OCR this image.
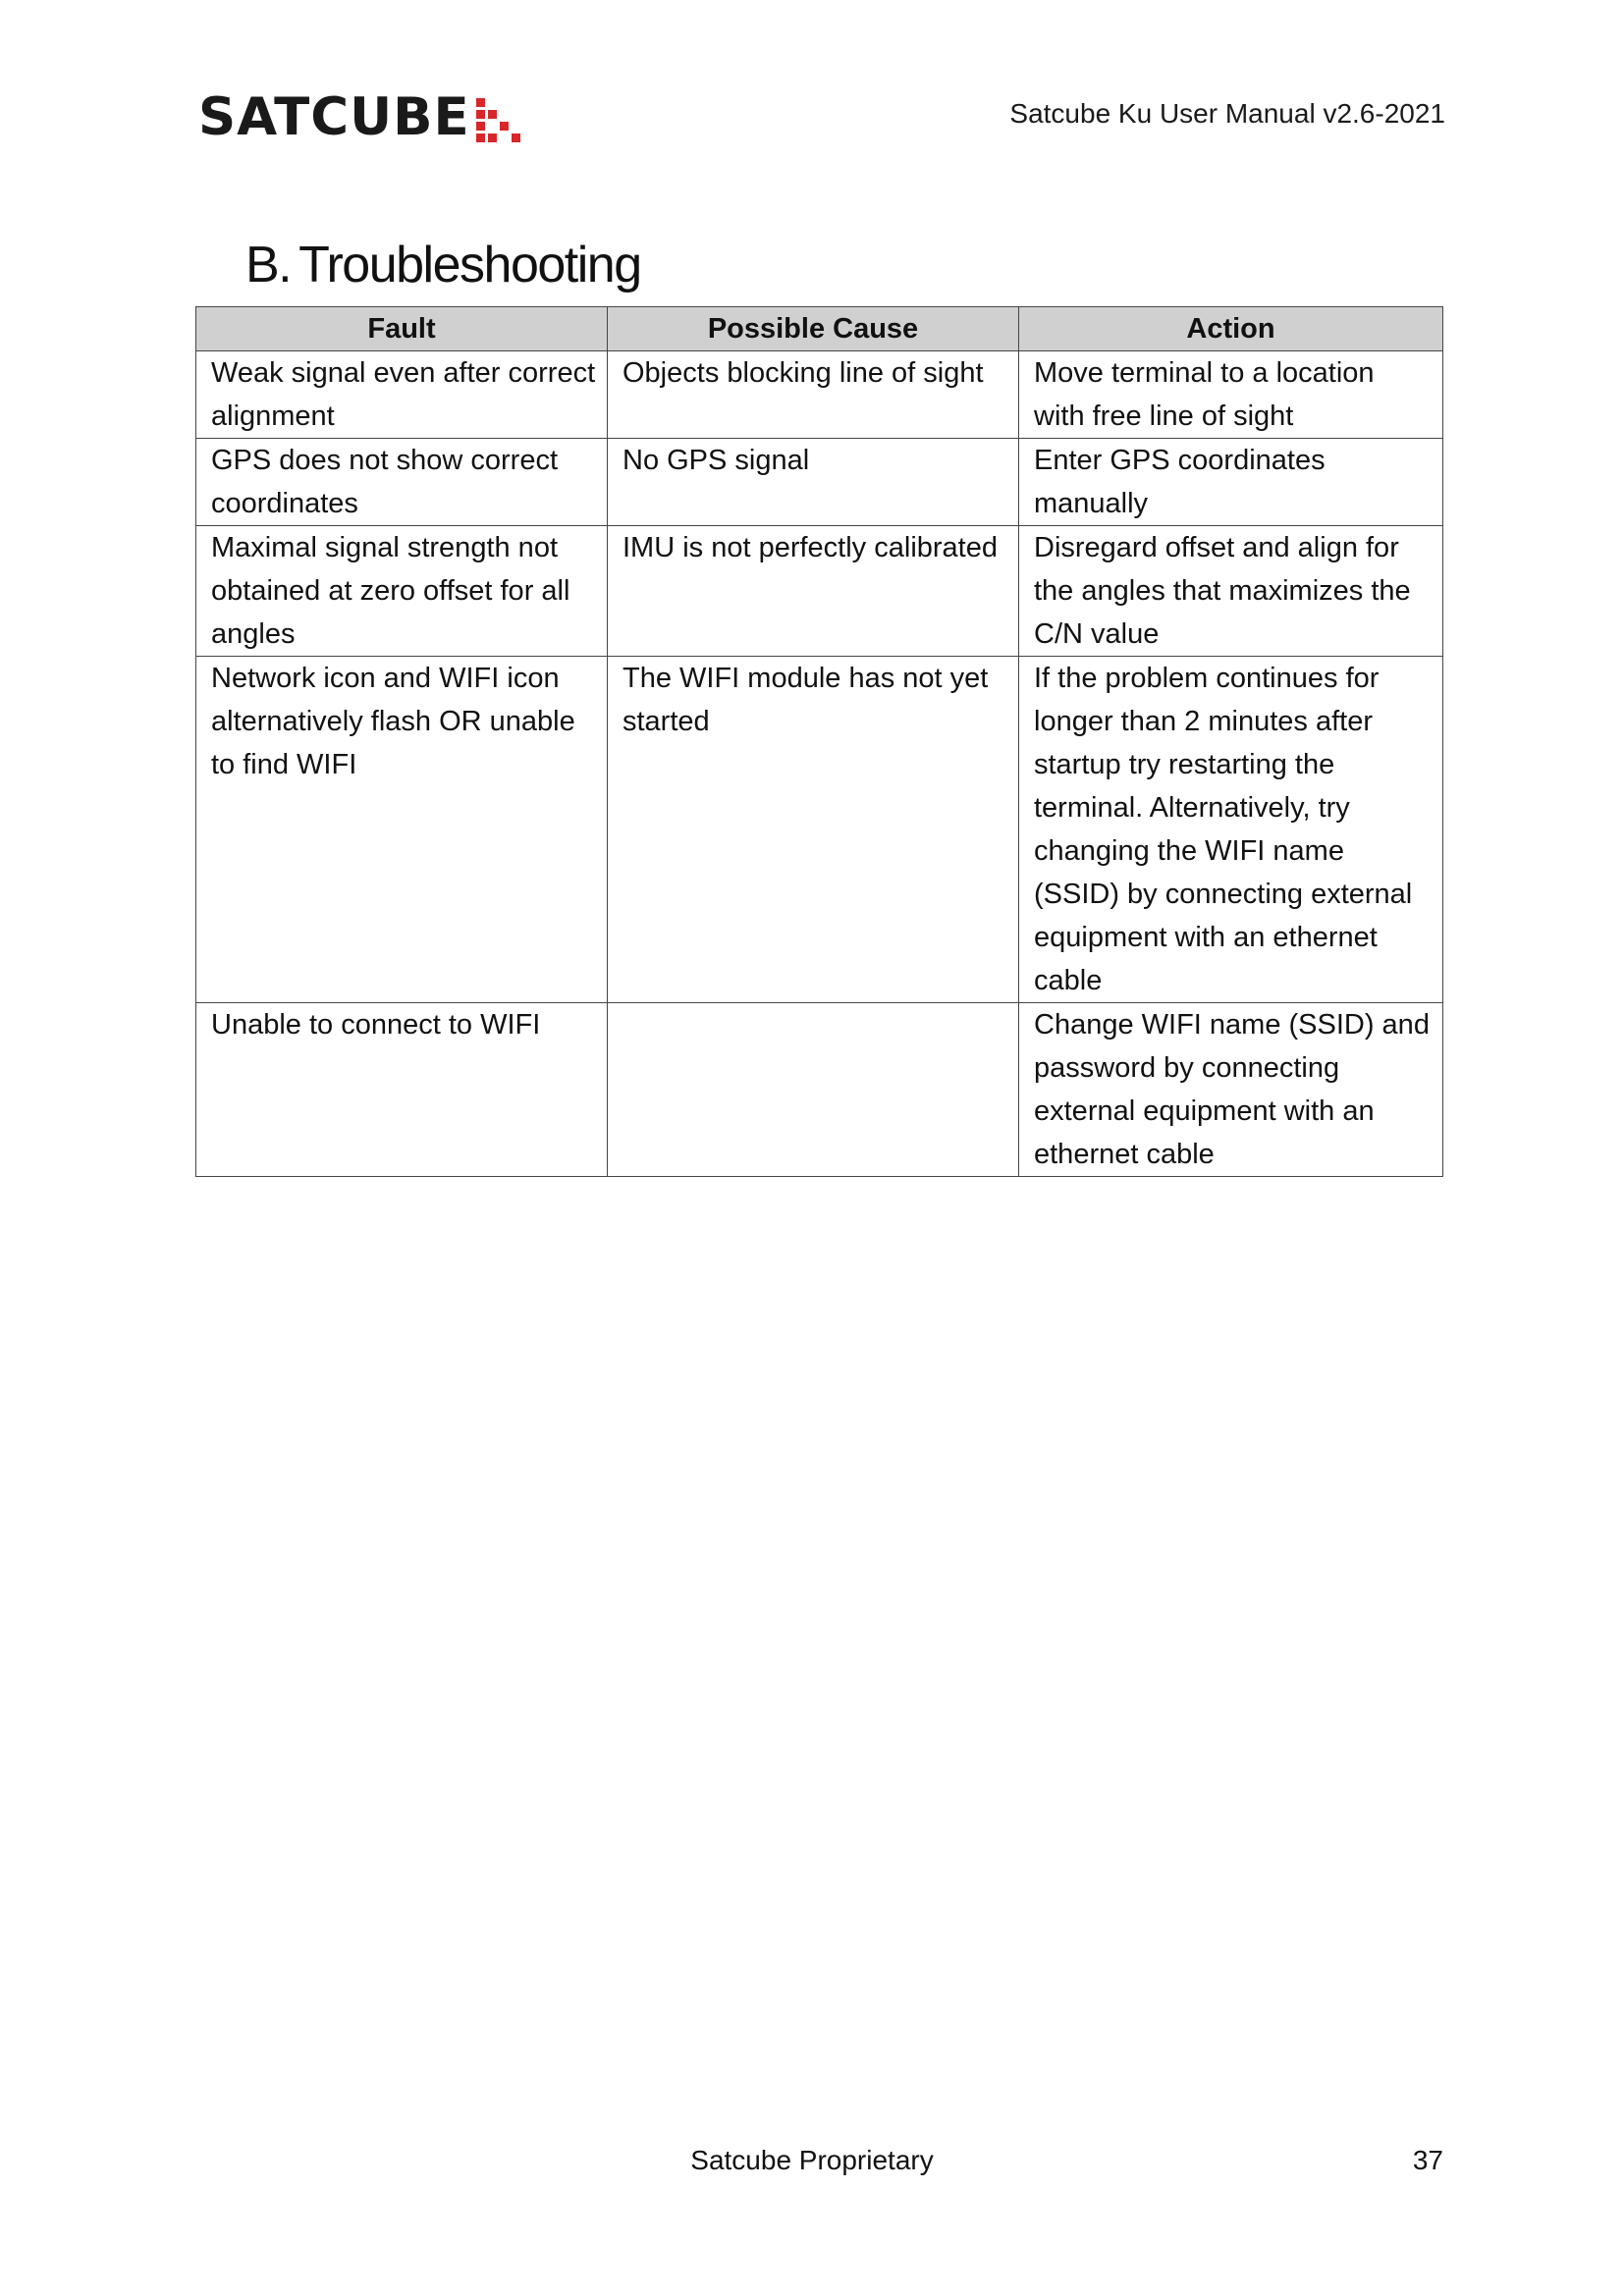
SATCUBE	Satcube Ku User Manual v2.6-2021
B. Troubleshooting
Fault	Possible Cause	Action
Weak signal even after correct alignment	Objects blocking line of sight	Move terminal to a location with free line of sight
GPS does not show correct coordinates	No GPS signal	Enter GPS coordinates manually
Maximal signal strength not obtained at zero offset for all angles	IMU is not perfectly calibrated	Disregard offset and align for the angles that maximizes the C/N value
Network icon and WIFI icon alternatively flash OR unable to find WIFI	The WIFI module has not yet started	If the problem continues for longer than 2 minutes after startup try restarting the terminal. Alternatively, try changing the WIFI name (SSID) by connecting external equipment with an ethernet cable
Unable to connect to WIFI		Change WIFI name (SSID) and password by connecting external equipment with an ethernet cable
Satcube Proprietary	37
